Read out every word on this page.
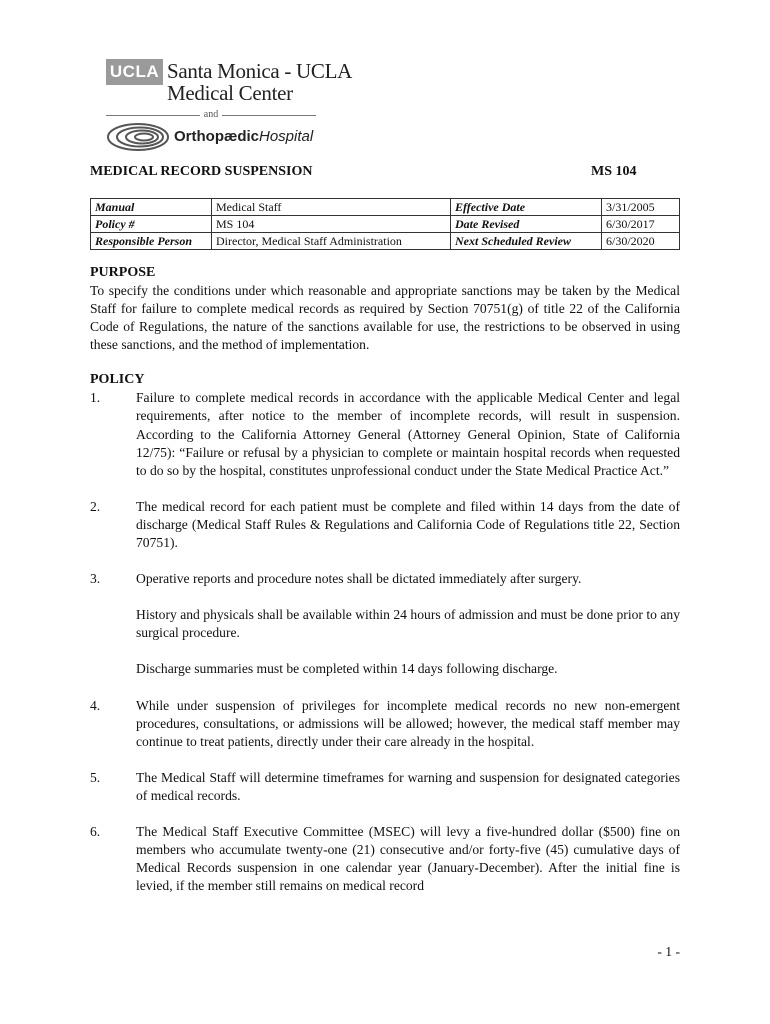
UCLA Santa Monica - UCLA
Medical Center
and
OrthopædicHospital
MEDICAL RECORD SUSPENSION	MS 104
Manual	Medical Staff	Effective Date	3/31/2005
Policy #	MS 104	Date Revised	6/30/2017
Responsible Person	Director, Medical Staff Administration	Next Scheduled Review	6/30/2020
PURPOSE

To specify the conditions under which reasonable and appropriate sanctions may be taken by the Medical Staff for failure to complete medical records as required by Section 70751(g) of title 22 of the California Code of Regulations, the nature of the sanctions available for use, the restrictions to be observed in using these sanctions, and the method of implementation.

POLICY

1.	Failure to complete medical records in accordance with the applicable Medical Center and legal requirements, after notice to the member of incomplete records, will result in suspension. According to the California Attorney General (Attorney General Opinion, State of California 12/75): “Failure or refusal by a physician to complete or maintain hospital records when requested to do so by the hospital, constitutes unprofessional conduct under the State Medical Practice Act.”

2.	The medical record for each patient must be complete and filed within 14 days from the date of discharge (Medical Staff Rules & Regulations and California Code of Regulations title 22, Section 70751).

3.	Operative reports and procedure notes shall be dictated immediately after surgery.

History and physicals shall be available within 24 hours of admission and must be done prior to any surgical procedure.

Discharge summaries must be completed within 14 days following discharge.

4.	While under suspension of privileges for incomplete medical records no new non-emergent procedures, consultations, or admissions will be allowed; however, the medical staff member may continue to treat patients, directly under their care already in the hospital.

5.	The Medical Staff will determine timeframes for warning and suspension for designated categories of medical records.

6.	The Medical Staff Executive Committee (MSEC) will levy a five-hundred dollar ($500) fine on members who accumulate twenty-one (21) consecutive and/or forty-five (45) cumulative days of Medical Records suspension in one calendar year (January-December). After the initial fine is levied, if the member still remains on medical record

- 1 -
